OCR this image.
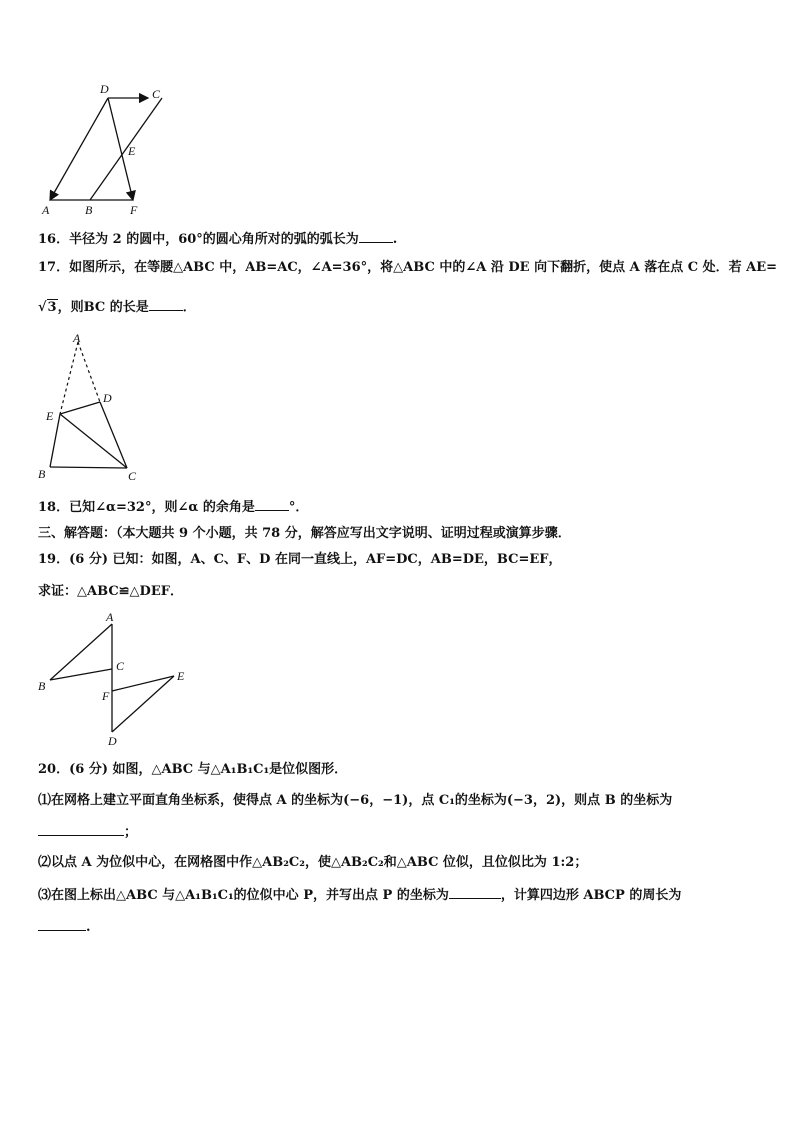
D	C
E
A	B	F
16．半径为 2 的圆中，60°的圆心角所对的弧的弧长为	.
17．如图所示，在等腰△ABC 中，AB=AC，∠A=36°，将△ABC 中的∠A 沿 DE 向下翻折，使点 A 落在点 C 处．若 AE=
√3，则BC 的长是	．
A
D
E
B	C
18．已知∠α=32°，则∠α 的余角是	°．
三、解答题：（本大题共 9 个小题，共 78 分，解答应写出文字说明、证明过程或演算步骤．
19．(6 分) 已知：如图，A、C、F、D 在同一直线上，AF=DC，AB=DE，BC=EF，
求证：△ABC≌△DEF．
A
C
B
F
E
D
20．(6 分) 如图，△ABC 与△A₁B₁C₁是位似图形．
⑴在网格上建立平面直角坐标系，使得点 A 的坐标为(−6，−1)，点 C₁的坐标为(−3，2)，则点 B 的坐标为
；
⑵以点 A 为位似中心，在网格图中作△AB₂C₂，使△AB₂C₂和△ABC 位似，且位似比为 1:2；
⑶在图上标出△ABC 与△A₁B₁C₁的位似中心 P，并写出点 P 的坐标为	，计算四边形 ABCP 的周长为
.
